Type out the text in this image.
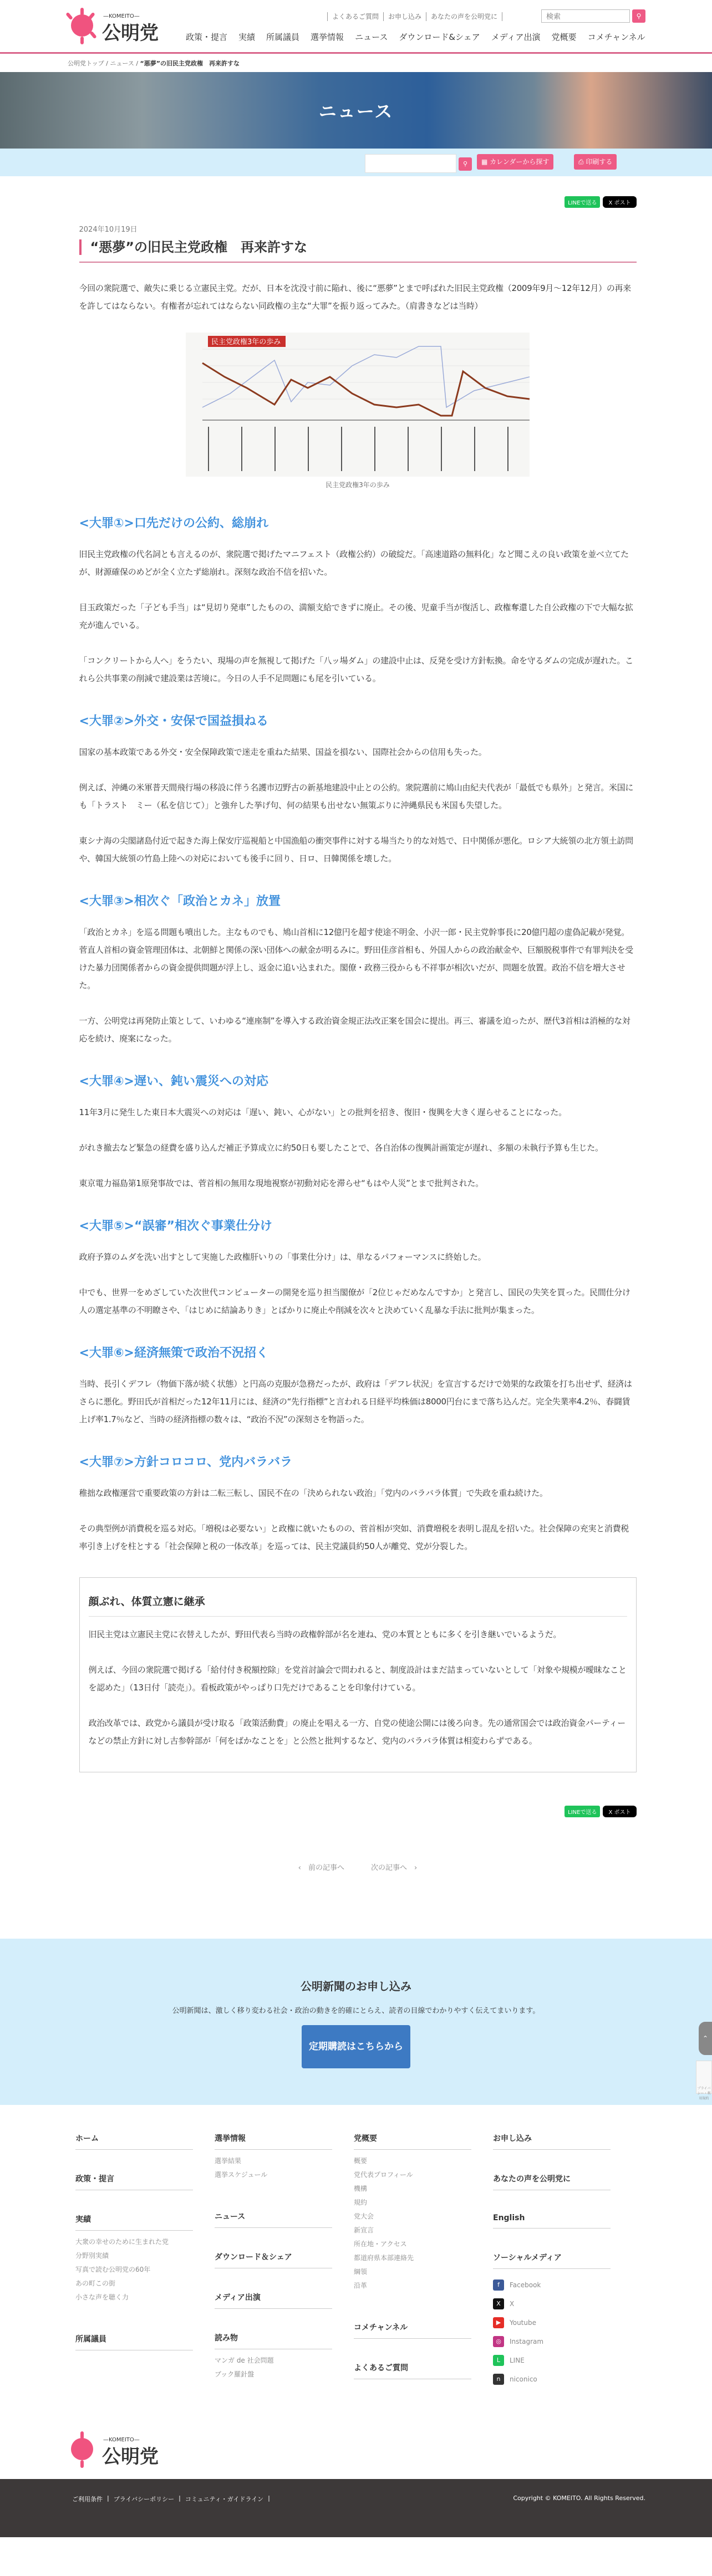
—KOMEITO—
公明党
よくあるご質問	お申し込み	あなたの声を公明党に
検索	⚲
政策・提言 実績 所属議員 選挙情報 ニュース ダウンロード&シェア メディア出演 党概要 コメチャンネル
公明党トップ / ニュース / “悪夢”の旧民主党政権　再来許すな
ニュース
⚲	▦ カレンダーから探す	⎙ 印刷する
LINEで送る	X ポスト
2024年10月19日
“悪夢”の旧民主党政権　再来許すな

今回の衆院選で、敵失に乗じる立憲民主党。だが、日本を沈没寸前に陥れ、後に“悪夢”とまで呼ばれた旧民主党政権（2009年9月～12年12月）の再来を許してはならない。有権者が忘れてはならない同政権の主な“大罪”を振り返ってみた。（肩書きなどは当時）

民主党政権3年の歩み
民主党政権3年の歩み
<大罪①>口先だけの公約、総崩れ

旧民主党政権の代名詞とも言えるのが、衆院選で掲げたマニフェスト（政権公約）の破綻だ。「高速道路の無料化」など聞こえの良い政策を並べ立てたが、財源確保のめどが全く立たず総崩れ。深刻な政治不信を招いた。

目玉政策だった「子ども手当」は“見切り発車”したものの、満額支給できずに廃止。その後、児童手当が復活し、政権奪還した自公政権の下で大幅な拡充が進んでいる。

「コンクリートから人へ」をうたい、現場の声を無視して掲げた「八ッ場ダム」の建設中止は、反発を受け方針転換。命を守るダムの完成が遅れた。これら公共事業の削減で建設業は苦境に。今日の人手不足問題にも尾を引いている。

<大罪②>外交・安保で国益損ねる

国家の基本政策である外交・安全保障政策で迷走を重ねた結果、国益を損ない、国際社会からの信用も失った。

例えば、沖縄の米軍普天間飛行場の移設に伴う名護市辺野古の新基地建設中止との公約。衆院選前に鳩山由紀夫代表が「最低でも県外」と発言。米国にも「トラスト　ミー（私を信じて）」と強弁した挙げ句、何の結果も出せない無策ぶりに沖縄県民も米国も失望した。

東シナ海の尖閣諸島付近で起きた海上保安庁巡視船と中国漁船の衝突事件に対する場当たり的な対処で、日中関係が悪化。ロシア大統領の北方領土訪問や、韓国大統領の竹島上陸への対応においても後手に回り、日ロ、日韓関係を壊した。

<大罪③>相次ぐ「政治とカネ」放置

「政治とカネ」を巡る問題も噴出した。主なものでも、鳩山首相に12億円を超す使途不明金、小沢一郎・民主党幹事長に20億円超の虚偽記載が発覚。菅直人首相の資金管理団体は、北朝鮮と関係の深い団体への献金が明るみに。野田佳彦首相も、外国人からの政治献金や、巨額脱税事件で有罪判決を受けた暴力団関係者からの資金提供問題が浮上し、返金に追い込まれた。閣僚・政務三役からも不祥事が相次いだが、問題を放置。政治不信を増大させた。

一方、公明党は再発防止策として、いわゆる“連座制”を導入する政治資金規正法改正案を国会に提出。再三、審議を迫ったが、歴代3首相は消極的な対応を続け、廃案になった。

<大罪④>遅い、鈍い震災への対応

11年3月に発生した東日本大震災への対応は「遅い、鈍い、心がない」との批判を招き、復旧・復興を大きく遅らせることになった。

がれき撤去など緊急の経費を盛り込んだ補正予算成立に約50日も要したことで、各自治体の復興計画策定が遅れ、多額の未執行予算も生じた。

東京電力福島第1原発事故では、菅首相の無用な現地視察が初動対応を滞らせ“もはや人災”とまで批判された。

<大罪⑤>“誤審”相次ぐ事業仕分け

政府予算のムダを洗い出すとして実施した政権肝いりの「事業仕分け」は、単なるパフォーマンスに終始した。

中でも、世界一をめざしていた次世代コンピューターの開発を巡り担当閣僚が「2位じゃだめなんですか」と発言し、国民の失笑を買った。民間仕分け人の選定基準の不明瞭さや、「はじめに結論ありき」とばかりに廃止や削減を次々と決めていく乱暴な手法に批判が集まった。

<大罪⑥>経済無策で政治不況招く

当時、長引くデフレ（物価下落が続く状態）と円高の克服が急務だったが、政府は「デフレ状況」を宣言するだけで効果的な政策を打ち出せず、経済はさらに悪化。野田氏が首相だった12年11月には、経済の“先行指標”と言われる日経平均株価は8000円台にまで落ち込んだ。完全失業率4.2％、春闘賃上げ率1.7％など、当時の経済指標の数々は、“政治不況”の深刻さを物語った。

<大罪⑦>方針コロコロ、党内バラバラ

稚拙な政権運営で重要政策の方針は二転三転し、国民不在の「決められない政治」「党内のバラバラ体質」で失政を重ね続けた。

その典型例が消費税を巡る対応。「増税は必要ない」と政権に就いたものの、菅首相が突如、消費増税を表明し混乱を招いた。社会保障の充実と消費税率引き上げを柱とする「社会保障と税の一体改革」を巡っては、民主党議員約50人が離党、党が分裂した。

顔ぶれ、体質立憲に継承

旧民主党は立憲民主党に衣替えしたが、野田代表ら当時の政権幹部が名を連ね、党の本質とともに多くを引き継いでいるようだ。

例えば、今回の衆院選で掲げる「給付付き税額控除」を党首討論会で問われると、制度設計はまだ詰まっていないとして「対象や規模が曖昧なことを認めた」（13日付「読売」）。看板政策がやっぱり口先だけであることを印象付けている。

政治改革では、政党から議員が受け取る「政策活動費」の廃止を唱える一方、自党の使途公開には後ろ向き。先の通常国会では政治資金パーティーなどの禁止方針に対し古参幹部が「何をばかなことを」と公然と批判するなど、党内のバラバラ体質は相変わらずである。

LINEで送る	X ポスト
‹　前の記事へ	次の記事へ　›
公明新聞のお申し込み

公明新聞は、激しく移り変わる社会・政治の動きを的確にとらえ、読者の目線でわかりやすく伝えてまいります。

定期購読はこちらから
⌃
プライバシー・利用規約
ホーム
政策・提言
実績
大衆の幸せのために生まれた党
分野別実績
写真で読む公明党の60年
あの町この街
小さな声を聴く力
所属議員
選挙情報
選挙結果
選挙スケジュール
ニュース
ダウンロード＆シェア
メディア出演
読み物
マンガ de 社会問題
ブック羅針盤
党概要
概要
党代表プロフィール
機構
規約
党大会
新宣言
所在地・アクセス
都道府県本部連絡先
綱領
沿革
コメチャンネル
よくあるご質問
お申し込み
あなたの声を公明党に
English
ソーシャルメディア
f	Facebook
X	X
▶	Youtube
◎	Instagram
L	LINE
n	niconico
—KOMEITO—
公明党
ご利用条件 | プライバシーポリシー | コミュニティ・ガイドライン |	Copyright © KOMEITO. All Rights Reserved.
